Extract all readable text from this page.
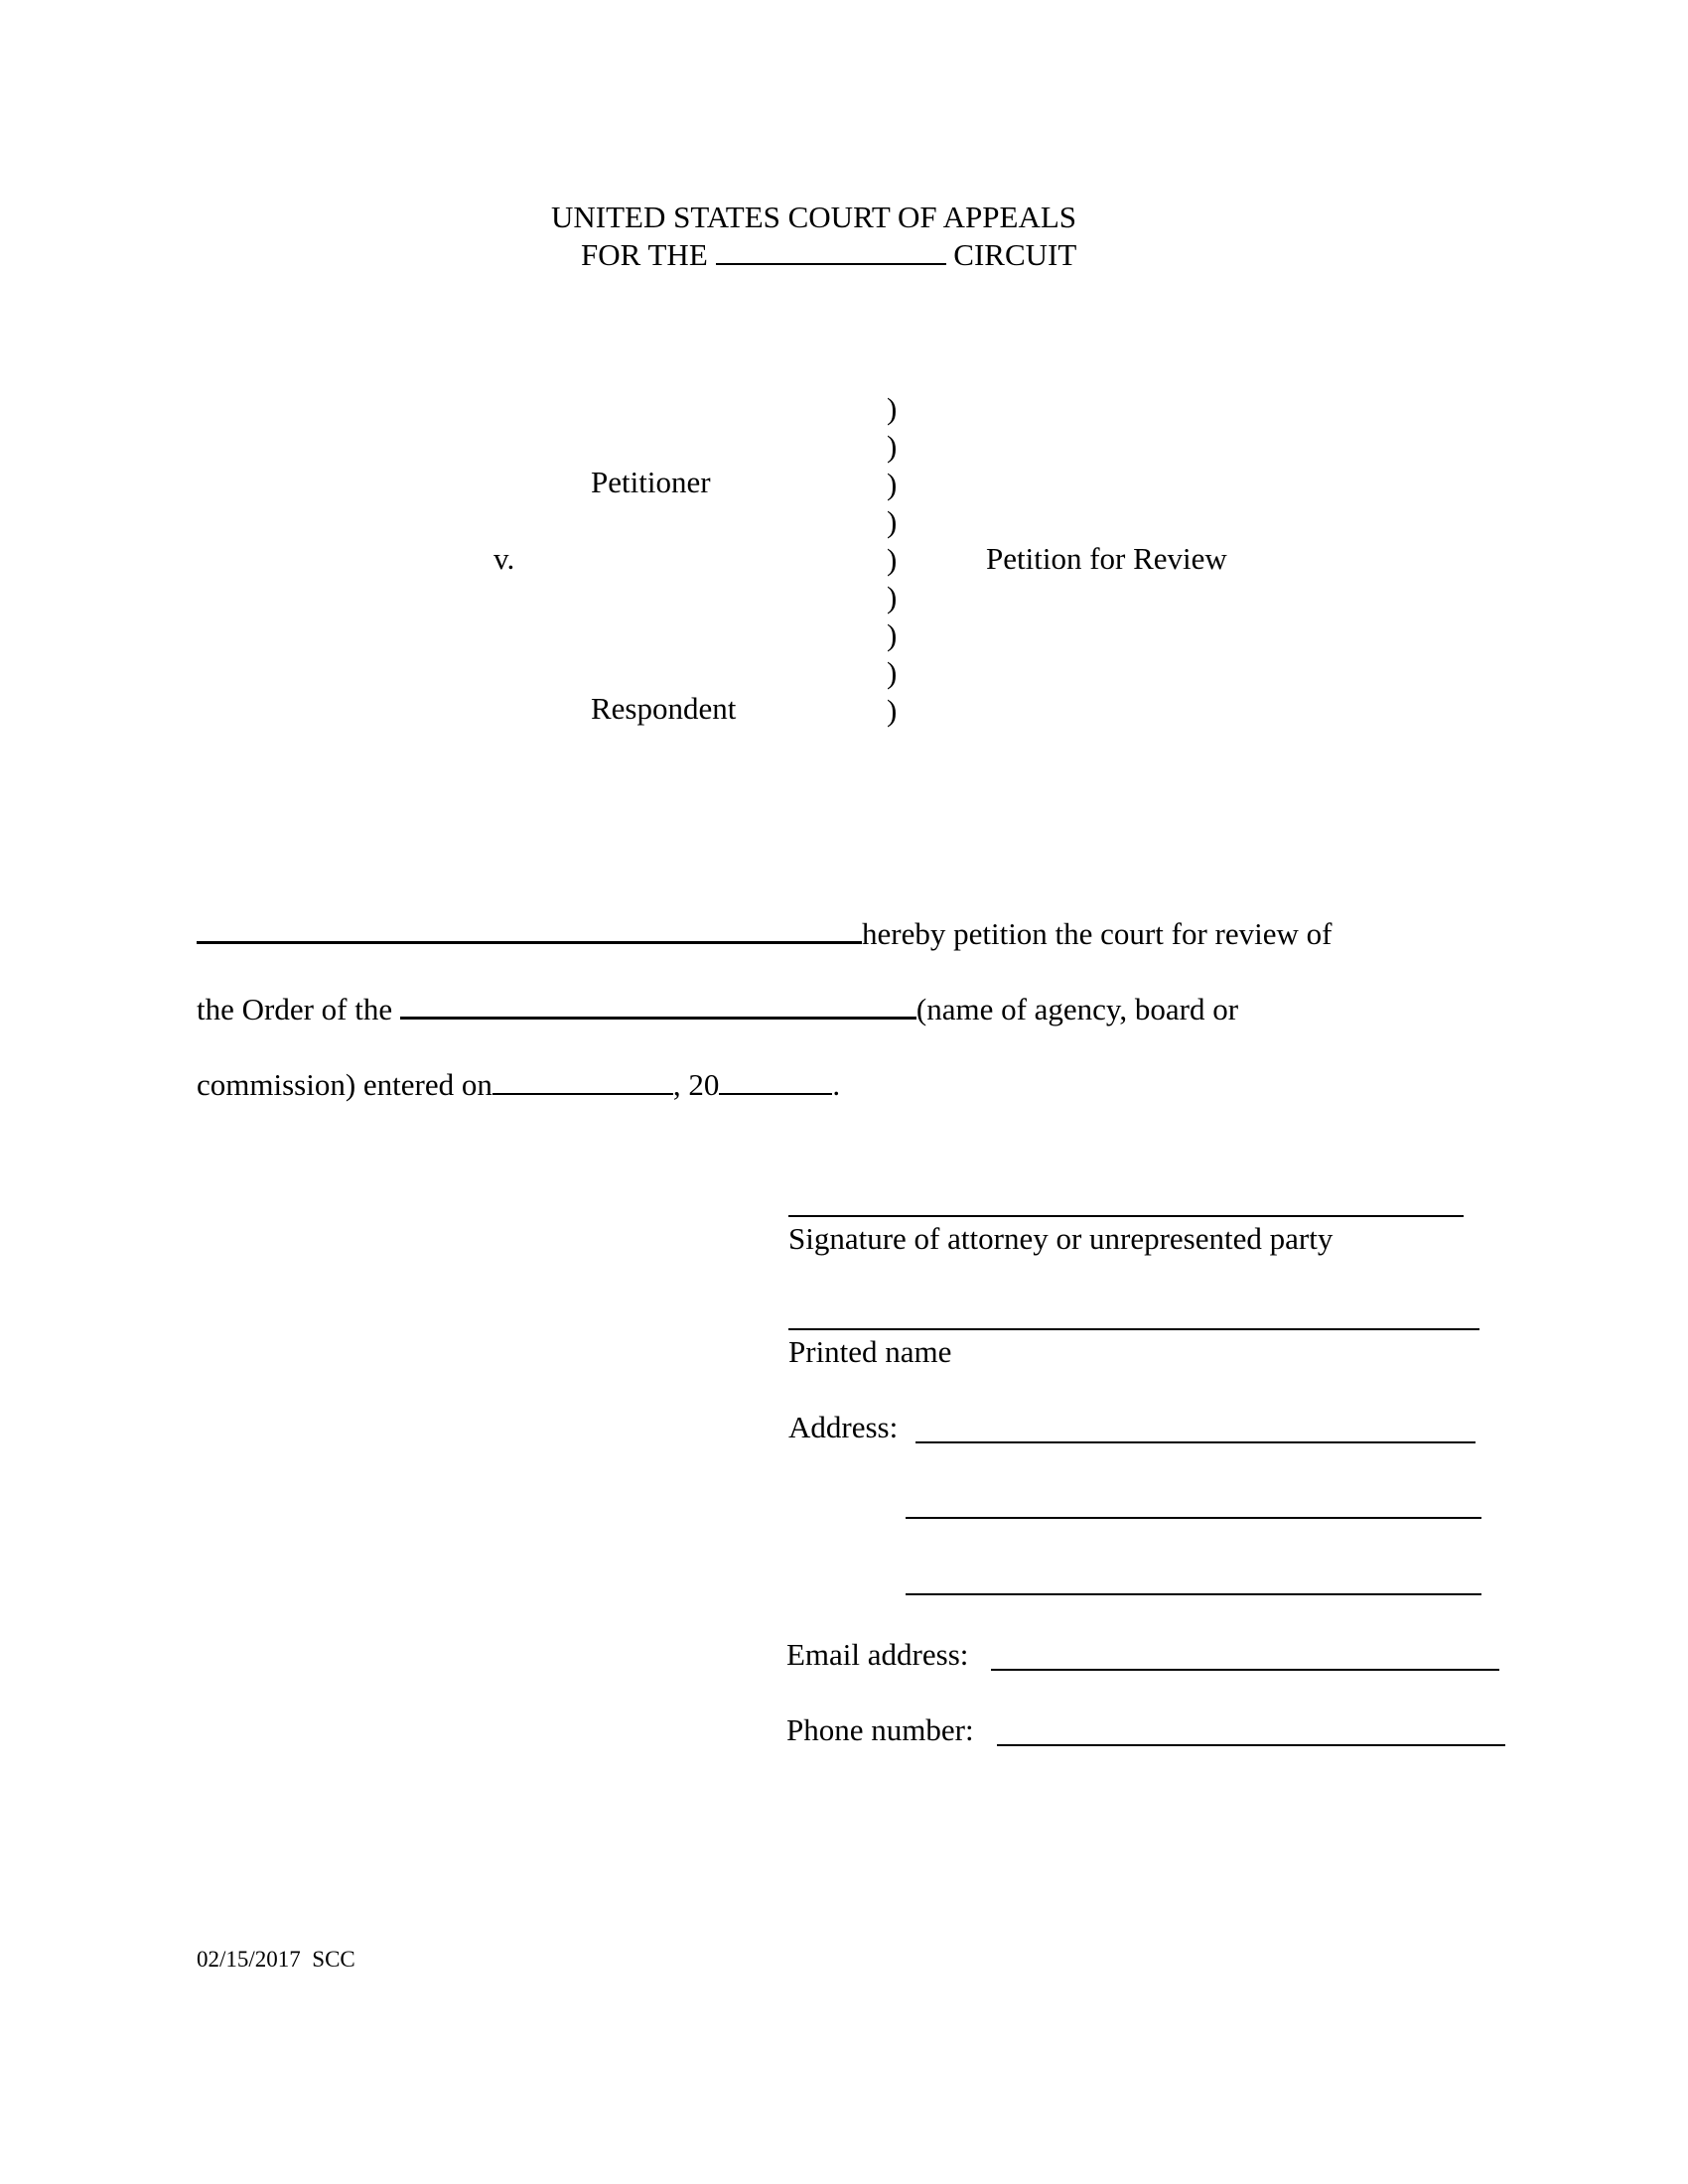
UNITED STATES COURT OF APPEALS
FOR THE	CIRCUIT
Petitioner
v.
Respondent
Petition for Review
)
)
)
)
)
)
)
)
)
hereby petition the court for review of
the Order of the	(name of agency, board or
commission) entered on	, 20	.
Signature of attorney or unrepresented party
Printed name
Address:
Email address:
Phone number:
02/15/2017  SCC
